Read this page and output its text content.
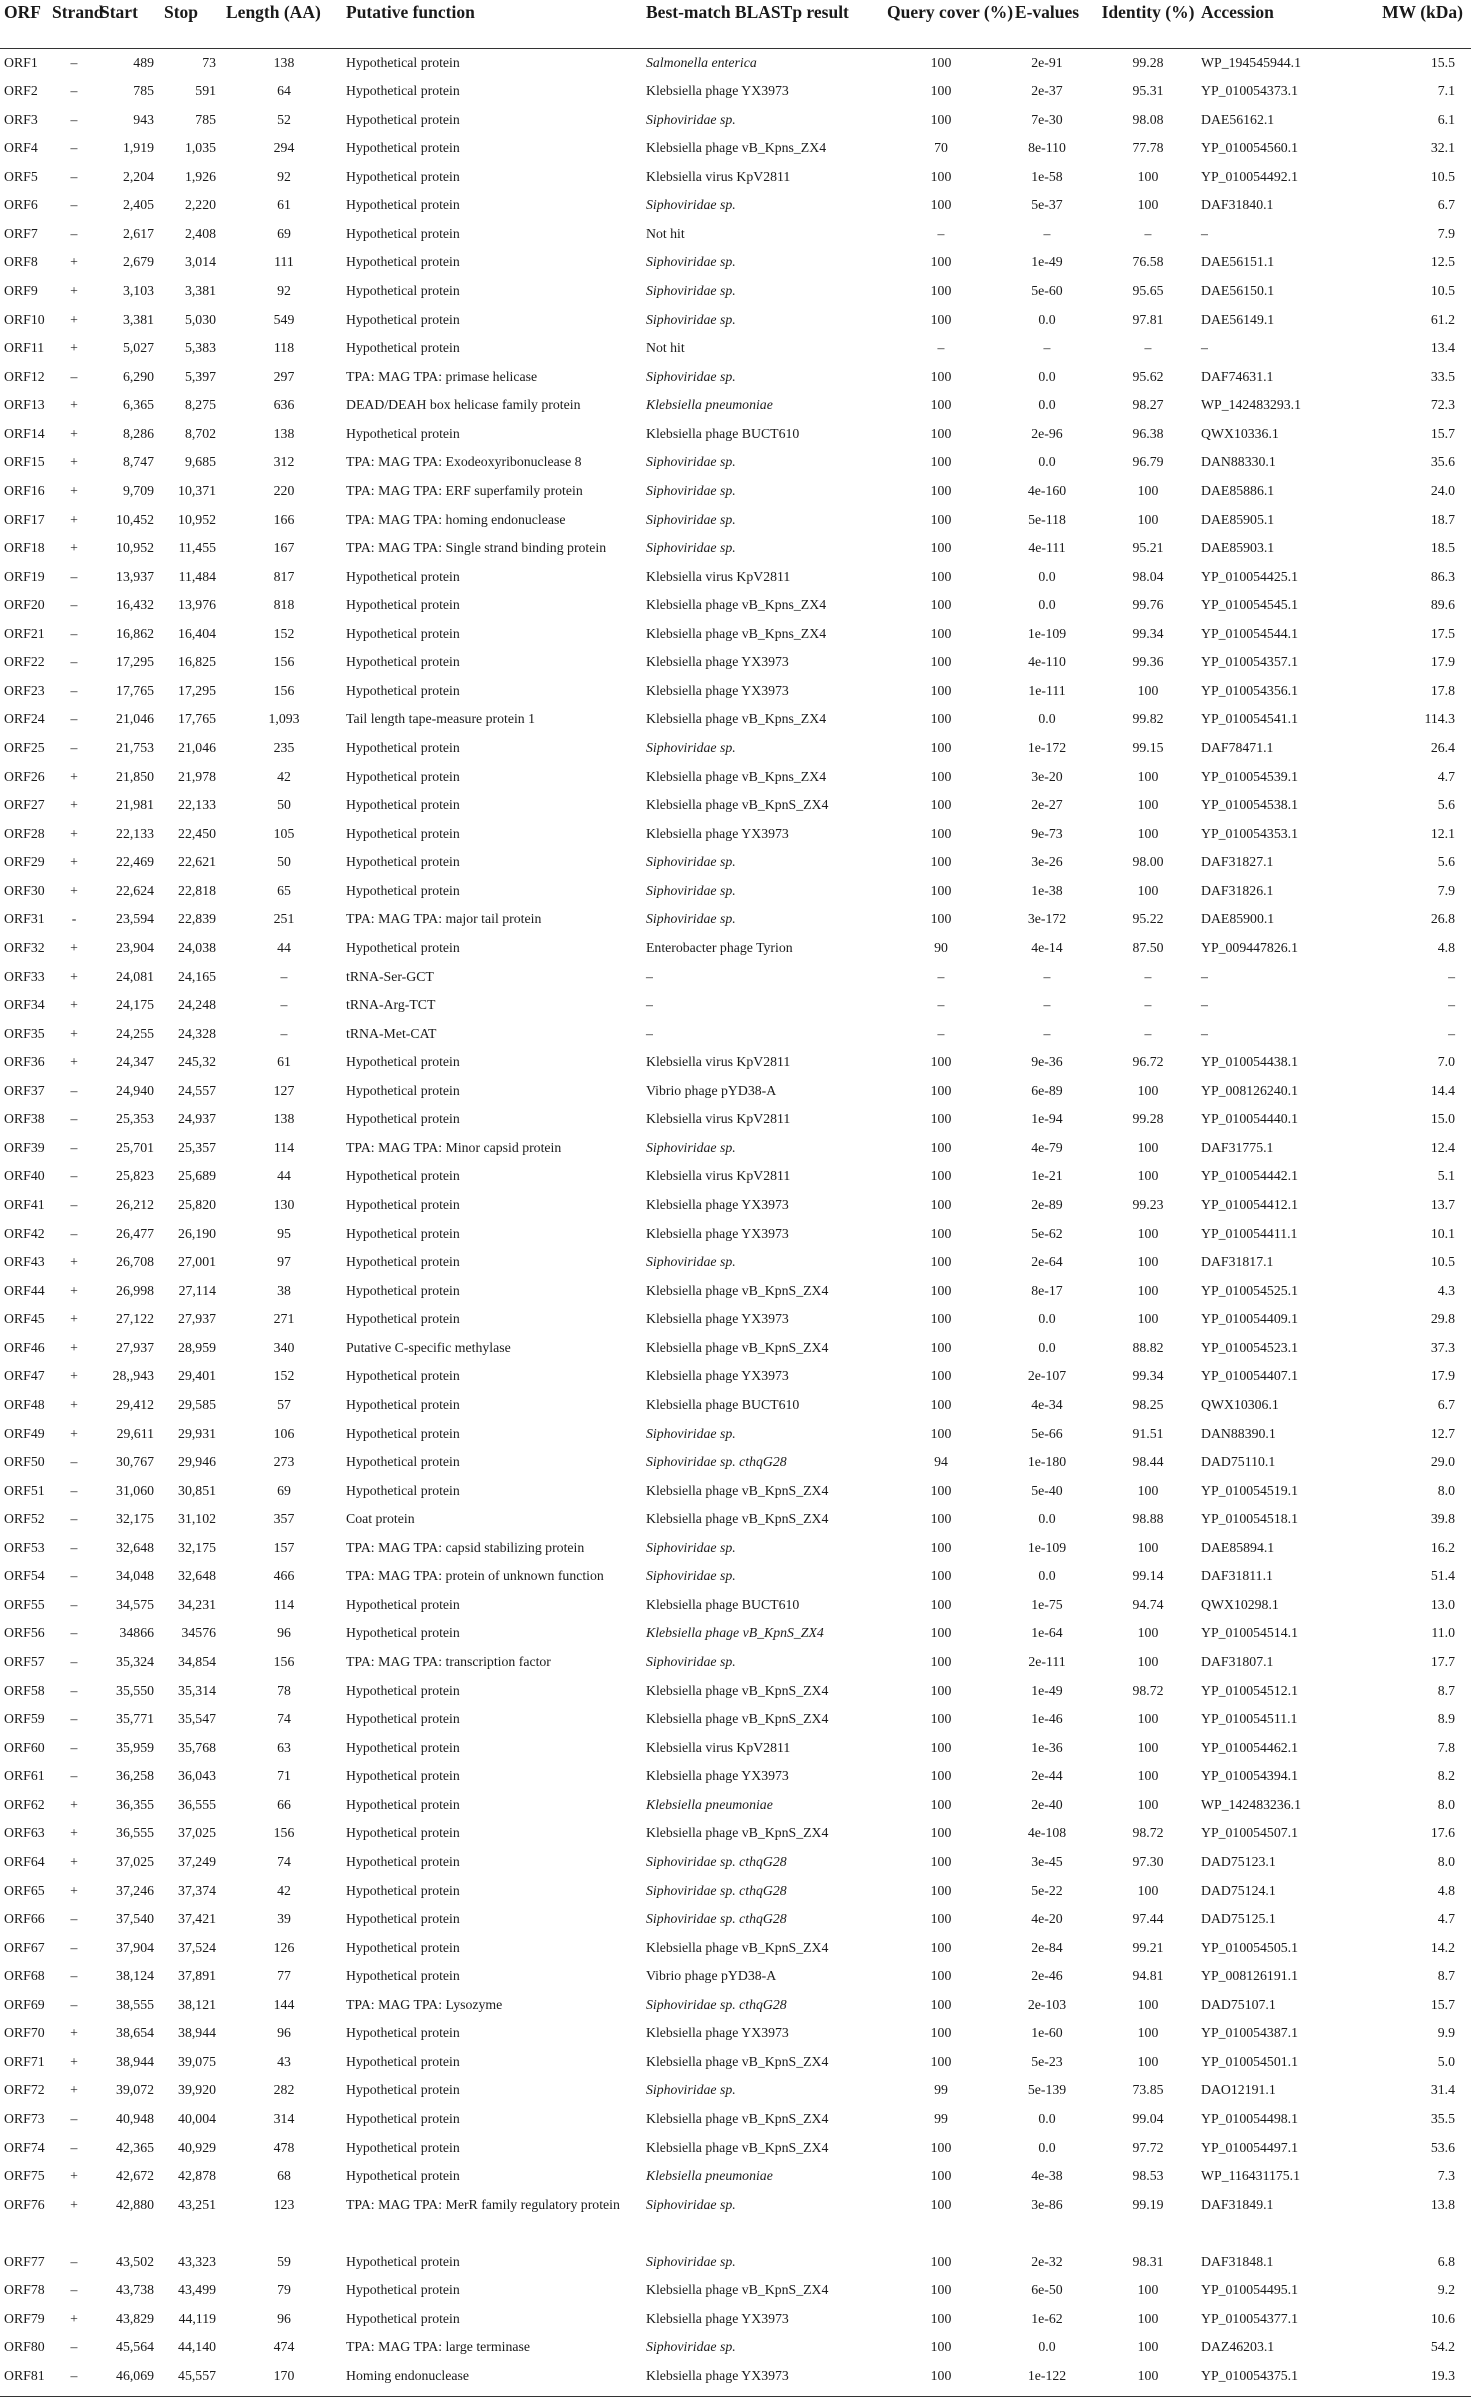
ORF	Strand	Start	Stop	Length (AA)	Putative function	Best-match BLASTp result	Query cover (%)	E-values	Identity (%)	Accession	MW (kDa)

ORF1	–	489	73	138	Hypothetical protein	Salmonella enterica	100	2e-91	99.28	WP_194545944.1	15.5
ORF2	–	785	591	64	Hypothetical protein	Klebsiella phage YX3973	100	2e-37	95.31	YP_010054373.1	7.1
ORF3	–	943	785	52	Hypothetical protein	Siphoviridae sp.	100	7e-30	98.08	DAE56162.1	6.1
ORF4	–	1,919	1,035	294	Hypothetical protein	Klebsiella phage vB_Kpns_ZX4	70	8e-110	77.78	YP_010054560.1	32.1
ORF5	–	2,204	1,926	92	Hypothetical protein	Klebsiella virus KpV2811	100	1e-58	100	YP_010054492.1	10.5
ORF6	–	2,405	2,220	61	Hypothetical protein	Siphoviridae sp.	100	5e-37	100	DAF31840.1	6.7
ORF7	–	2,617	2,408	69	Hypothetical protein	Not hit	–	–	–	–	7.9
ORF8	+	2,679	3,014	111	Hypothetical protein	Siphoviridae sp.	100	1e-49	76.58	DAE56151.1	12.5
ORF9	+	3,103	3,381	92	Hypothetical protein	Siphoviridae sp.	100	5e-60	95.65	DAE56150.1	10.5
ORF10	+	3,381	5,030	549	Hypothetical protein	Siphoviridae sp.	100	0.0	97.81	DAE56149.1	61.2
ORF11	+	5,027	5,383	118	Hypothetical protein	Not hit	–	–	–	–	13.4
ORF12	–	6,290	5,397	297	TPA: MAG TPA: primase helicase	Siphoviridae sp.	100	0.0	95.62	DAF74631.1	33.5
ORF13	+	6,365	8,275	636	DEAD/DEAH box helicase family protein	Klebsiella pneumoniae	100	0.0	98.27	WP_142483293.1	72.3
ORF14	+	8,286	8,702	138	Hypothetical protein	Klebsiella phage BUCT610	100	2e-96	96.38	QWX10336.1	15.7
ORF15	+	8,747	9,685	312	TPA: MAG TPA: Exodeoxyribonuclease 8	Siphoviridae sp.	100	0.0	96.79	DAN88330.1	35.6
ORF16	+	9,709	10,371	220	TPA: MAG TPA: ERF superfamily protein	Siphoviridae sp.	100	4e-160	100	DAE85886.1	24.0
ORF17	+	10,452	10,952	166	TPA: MAG TPA: homing endonuclease	Siphoviridae sp.	100	5e-118	100	DAE85905.1	18.7
ORF18	+	10,952	11,455	167	TPA: MAG TPA: Single strand binding protein	Siphoviridae sp.	100	4e-111	95.21	DAE85903.1	18.5
ORF19	–	13,937	11,484	817	Hypothetical protein	Klebsiella virus KpV2811	100	0.0	98.04	YP_010054425.1	86.3
ORF20	–	16,432	13,976	818	Hypothetical protein	Klebsiella phage vB_Kpns_ZX4	100	0.0	99.76	YP_010054545.1	89.6
ORF21	–	16,862	16,404	152	Hypothetical protein	Klebsiella phage vB_Kpns_ZX4	100	1e-109	99.34	YP_010054544.1	17.5
ORF22	–	17,295	16,825	156	Hypothetical protein	Klebsiella phage YX3973	100	4e-110	99.36	YP_010054357.1	17.9
ORF23	–	17,765	17,295	156	Hypothetical protein	Klebsiella phage YX3973	100	1e-111	100	YP_010054356.1	17.8
ORF24	–	21,046	17,765	1,093	Tail length tape-measure protein 1	Klebsiella phage vB_Kpns_ZX4	100	0.0	99.82	YP_010054541.1	114.3
ORF25	–	21,753	21,046	235	Hypothetical protein	Siphoviridae sp.	100	1e-172	99.15	DAF78471.1	26.4
ORF26	+	21,850	21,978	42	Hypothetical protein	Klebsiella phage vB_Kpns_ZX4	100	3e-20	100	YP_010054539.1	4.7
ORF27	+	21,981	22,133	50	Hypothetical protein	Klebsiella phage vB_KpnS_ZX4	100	2e-27	100	YP_010054538.1	5.6
ORF28	+	22,133	22,450	105	Hypothetical protein	Klebsiella phage YX3973	100	9e-73	100	YP_010054353.1	12.1
ORF29	+	22,469	22,621	50	Hypothetical protein	Siphoviridae sp.	100	3e-26	98.00	DAF31827.1	5.6
ORF30	+	22,624	22,818	65	Hypothetical protein	Siphoviridae sp.	100	1e-38	100	DAF31826.1	7.9
ORF31	-	23,594	22,839	251	TPA: MAG TPA: major tail protein	Siphoviridae sp.	100	3e-172	95.22	DAE85900.1	26.8
ORF32	+	23,904	24,038	44	Hypothetical protein	Enterobacter phage Tyrion	90	4e-14	87.50	YP_009447826.1	4.8
ORF33	+	24,081	24,165	–	tRNA-Ser-GCT	–	–	–	–	–	–
ORF34	+	24,175	24,248	–	tRNA-Arg-TCT	–	–	–	–	–	–
ORF35	+	24,255	24,328	–	tRNA-Met-CAT	–	–	–	–	–	–
ORF36	+	24,347	245,32	61	Hypothetical protein	Klebsiella virus KpV2811	100	9e-36	96.72	YP_010054438.1	7.0
ORF37	–	24,940	24,557	127	Hypothetical protein	Vibrio phage pYD38-A	100	6e-89	100	YP_008126240.1	14.4
ORF38	–	25,353	24,937	138	Hypothetical protein	Klebsiella virus KpV2811	100	1e-94	99.28	YP_010054440.1	15.0
ORF39	–	25,701	25,357	114	TPA: MAG TPA: Minor capsid protein	Siphoviridae sp.	100	4e-79	100	DAF31775.1	12.4
ORF40	–	25,823	25,689	44	Hypothetical protein	Klebsiella virus KpV2811	100	1e-21	100	YP_010054442.1	5.1
ORF41	–	26,212	25,820	130	Hypothetical protein	Klebsiella phage YX3973	100	2e-89	99.23	YP_010054412.1	13.7
ORF42	–	26,477	26,190	95	Hypothetical protein	Klebsiella phage YX3973	100	5e-62	100	YP_010054411.1	10.1
ORF43	+	26,708	27,001	97	Hypothetical protein	Siphoviridae sp.	100	2e-64	100	DAF31817.1	10.5
ORF44	+	26,998	27,114	38	Hypothetical protein	Klebsiella phage vB_KpnS_ZX4	100	8e-17	100	YP_010054525.1	4.3
ORF45	+	27,122	27,937	271	Hypothetical protein	Klebsiella phage YX3973	100	0.0	100	YP_010054409.1	29.8
ORF46	+	27,937	28,959	340	Putative C-specific methylase	Klebsiella phage vB_KpnS_ZX4	100	0.0	88.82	YP_010054523.1	37.3
ORF47	+	28,,943	29,401	152	Hypothetical protein	Klebsiella phage YX3973	100	2e-107	99.34	YP_010054407.1	17.9
ORF48	+	29,412	29,585	57	Hypothetical protein	Klebsiella phage BUCT610	100	4e-34	98.25	QWX10306.1	6.7
ORF49	+	29,611	29,931	106	Hypothetical protein	Siphoviridae sp.	100	5e-66	91.51	DAN88390.1	12.7
ORF50	–	30,767	29,946	273	Hypothetical protein	Siphoviridae sp. cthqG28	94	1e-180	98.44	DAD75110.1	29.0
ORF51	–	31,060	30,851	69	Hypothetical protein	Klebsiella phage vB_KpnS_ZX4	100	5e-40	100	YP_010054519.1	8.0
ORF52	–	32,175	31,102	357	Coat protein	Klebsiella phage vB_KpnS_ZX4	100	0.0	98.88	YP_010054518.1	39.8
ORF53	–	32,648	32,175	157	TPA: MAG TPA: capsid stabilizing protein	Siphoviridae sp.	100	1e-109	100	DAE85894.1	16.2
ORF54	–	34,048	32,648	466	TPA: MAG TPA: protein of unknown function	Siphoviridae sp.	100	0.0	99.14	DAF31811.1	51.4
ORF55	–	34,575	34,231	114	Hypothetical protein	Klebsiella phage BUCT610	100	1e-75	94.74	QWX10298.1	13.0
ORF56	–	34866	34576	96	Hypothetical protein	Klebsiella phage vB_KpnS_ZX4	100	1e-64	100	YP_010054514.1	11.0
ORF57	–	35,324	34,854	156	TPA: MAG TPA: transcription factor	Siphoviridae sp.	100	2e-111	100	DAF31807.1	17.7
ORF58	–	35,550	35,314	78	Hypothetical protein	Klebsiella phage vB_KpnS_ZX4	100	1e-49	98.72	YP_010054512.1	8.7
ORF59	–	35,771	35,547	74	Hypothetical protein	Klebsiella phage vB_KpnS_ZX4	100	1e-46	100	YP_010054511.1	8.9
ORF60	–	35,959	35,768	63	Hypothetical protein	Klebsiella virus KpV2811	100	1e-36	100	YP_010054462.1	7.8
ORF61	–	36,258	36,043	71	Hypothetical protein	Klebsiella phage YX3973	100	2e-44	100	YP_010054394.1	8.2
ORF62	+	36,355	36,555	66	Hypothetical protein	Klebsiella pneumoniae	100	2e-40	100	WP_142483236.1	8.0
ORF63	+	36,555	37,025	156	Hypothetical protein	Klebsiella phage vB_KpnS_ZX4	100	4e-108	98.72	YP_010054507.1	17.6
ORF64	+	37,025	37,249	74	Hypothetical protein	Siphoviridae sp. cthqG28	100	3e-45	97.30	DAD75123.1	8.0
ORF65	+	37,246	37,374	42	Hypothetical protein	Siphoviridae sp. cthqG28	100	5e-22	100	DAD75124.1	4.8
ORF66	–	37,540	37,421	39	Hypothetical protein	Siphoviridae sp. cthqG28	100	4e-20	97.44	DAD75125.1	4.7
ORF67	–	37,904	37,524	126	Hypothetical protein	Klebsiella phage vB_KpnS_ZX4	100	2e-84	99.21	YP_010054505.1	14.2
ORF68	–	38,124	37,891	77	Hypothetical protein	Vibrio phage pYD38-A	100	2e-46	94.81	YP_008126191.1	8.7
ORF69	–	38,555	38,121	144	TPA: MAG TPA: Lysozyme	Siphoviridae sp. cthqG28	100	2e-103	100	DAD75107.1	15.7
ORF70	+	38,654	38,944	96	Hypothetical protein	Klebsiella phage YX3973	100	1e-60	100	YP_010054387.1	9.9
ORF71	+	38,944	39,075	43	Hypothetical protein	Klebsiella phage vB_KpnS_ZX4	100	5e-23	100	YP_010054501.1	5.0
ORF72	+	39,072	39,920	282	Hypothetical protein	Siphoviridae sp.	99	5e-139	73.85	DAO12191.1	31.4
ORF73	–	40,948	40,004	314	Hypothetical protein	Klebsiella phage vB_KpnS_ZX4	99	0.0	99.04	YP_010054498.1	35.5
ORF74	–	42,365	40,929	478	Hypothetical protein	Klebsiella phage vB_KpnS_ZX4	100	0.0	97.72	YP_010054497.1	53.6
ORF75	+	42,672	42,878	68	Hypothetical protein	Klebsiella pneumoniae	100	4e-38	98.53	WP_116431175.1	7.3
ORF76	+	42,880	43,251	123	TPA: MAG TPA: MerR family regulatory protein	Siphoviridae sp.	100	3e-86	99.19	DAF31849.1	13.8
ORF77	–	43,502	43,323	59	Hypothetical protein	Siphoviridae sp.	100	2e-32	98.31	DAF31848.1	6.8
ORF78	–	43,738	43,499	79	Hypothetical protein	Klebsiella phage vB_KpnS_ZX4	100	6e-50	100	YP_010054495.1	9.2
ORF79	+	43,829	44,119	96	Hypothetical protein	Klebsiella phage YX3973	100	1e-62	100	YP_010054377.1	10.6
ORF80	–	45,564	44,140	474	TPA: MAG TPA: large terminase	Siphoviridae sp.	100	0.0	100	DAZ46203.1	54.2
ORF81	–	46,069	45,557	170	Homing endonuclease	Klebsiella phage YX3973	100	1e-122	100	YP_010054375.1	19.3
